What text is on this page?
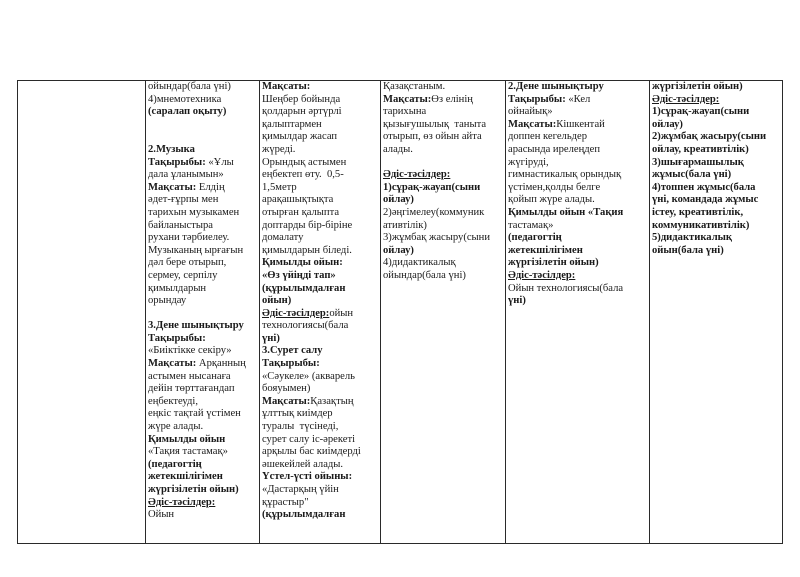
ойындар(бала үні)
4)мнемотехника
(саралап оқыту)

2.Музыка
Тақырыбы: «Ұлы
дала ұланымын»
Мақсаты: Елдің
әдет-ғұрпы мен
тарихын музыкамен
байланыстыра
рухани тәрбиелеу.
Музыканың ырғағын
дәл бере отырып,
сермеу, серпілу
қимылдарын
орындау

3.Дене шынықтыру
Тақырыбы:
«Биіктікке секіру»
Мақсаты: Арқанның
астымен нысанаға
дейін төрттағандап
еңбектеуді,
еңкіс тақтай үстімен
жүре алады.
Қимылды ойын
«Тақия тастамақ»
(педагогтің
жетекшілігімен
жүргізілетін ойын)
Әдіс-тәсілдер:
Ойын

Мақсаты:
Шеңбер бойында
қолдарын әртүрлі
қалыптармен
қимылдар жасап
жүреді.
Орындық астымен
еңбектеп өту.  0,5-
1,5метр
арақашықтықта
отырған қалыпта
доптарды бір-біріне
домалату
қимылдарын біледі.
Қимылды ойын:
«Өз үйіңді тап»
(құрылымдалған
ойын)
Әдіс-тәсілдер:ойын
технологиясы(бала
үні)
3.Сурет салу
Тақырыбы:
«Сәукеле» (акварель
бояуымен)
Мақсаты:Қазақтың
ұлттық киімдер
туралы  түсінеді,
сурет салу іс-әрекеті
арқылы бас киімдерді
әшекейлей алады.
Үстел-үсті ойыны:
«Дастарқың үйін
құрастыр"
(құрылымдалған

Қазақстаным.
Мақсаты:Өз елінің
тарихына
қызығушылық  таныта
отырып, өз ойын айта
алады.

Әдіс-тәсілдер:
1)сұрақ-жауап(сыни
ойлау)
2)әңгімелеу(коммуник
ативтілік)
3)жұмбақ жасыру(сыни
ойлау)
4)дидактикалық
ойындар(бала үні)

2.Дене шынықтыру
Тақырыбы: «Кел
ойнайық»
Мақсаты:Кішкентай
доппен кегельдер
арасында ирелеңдеп
жүгіруді,
гимнастикалық орындық
үстімен,қолды белге
қойып жүре алады.
Қимылды ойын «Тақия
тастамақ»
(педагогтің
жетекшілігімен
жүргізілетін ойын)
Әдіс-тәсілдер:
Ойын технологиясы(бала
үні)

жүргізілетін ойын)
Әдіс-тәсілдер:
1)сұрақ-жауап(сыни
ойлау)
2)жұмбақ жасыру(сыни
ойлау, креативтілік)
3)шығармашылық
жұмыс(бала үні)
4)топпен жұмыс(бала
үні, командада жұмыс
істеу, креативтілік,
коммуникативтілік)
5)дидактикалық
ойын(бала үні)
